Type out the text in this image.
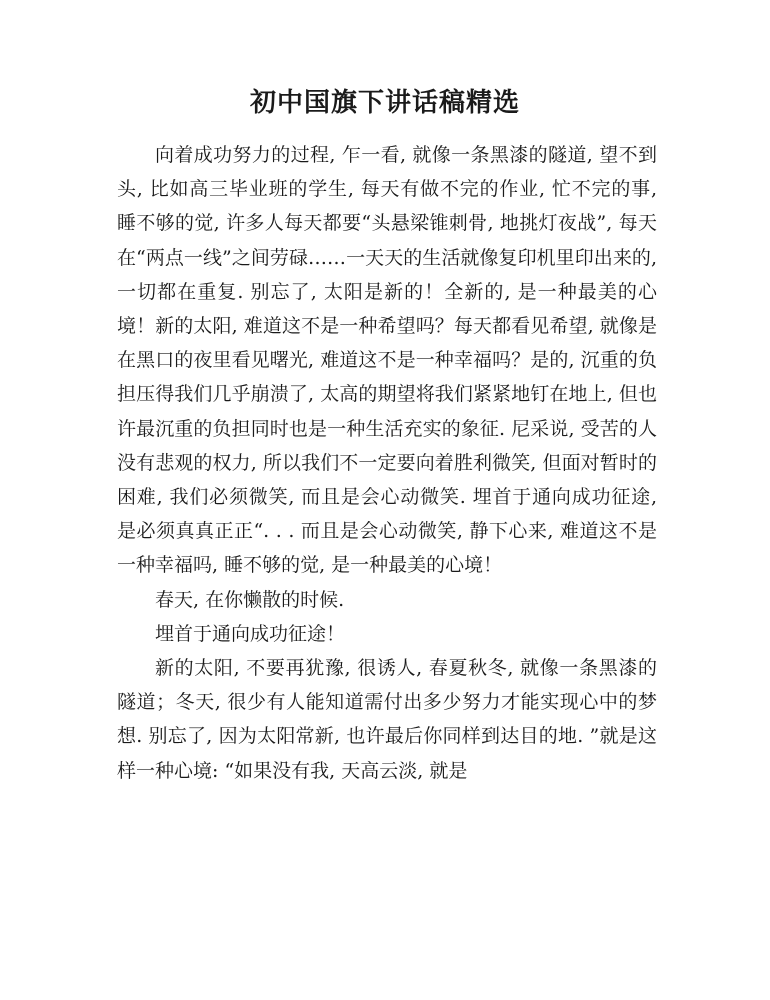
初中国旗下讲话稿精选

向着成功努力的过程, 乍一看, 就像一条黑漆的隧道, 望不到头, 比如高三毕业班的学生, 每天有做不完的作业, 忙不完的事, 睡不够的觉, 许多人每天都要“头悬梁锥刺骨, 地挑灯夜战”, 每天在“两点一线”之间劳碌……一天天的生活就像复印机里印出来的, 一切都在重复. 别忘了, 太阳是新的！全新的, 是一种最美的心境！新的太阳, 难道这不是一种希望吗？每天都看见希望, 就像是在黑口的夜里看见曙光, 难道这不是一种幸福吗？是的, 沉重的负担压得我们几乎崩溃了, 太高的期望将我们紧紧地钉在地上, 但也许最沉重的负担同时也是一种生活充实的象征. 尼采说, 受苦的人没有悲观的权力, 所以我们不一定要向着胜利微笑, 但面对暂时的困难, 我们必须微笑, 而且是会心动微笑. 埋首于通向成功征途, 是必须真真正正“. . . 而且是会心动微笑, 静下心来, 难道这不是一种幸福吗, 睡不够的觉, 是一种最美的心境！

春天, 在你懒散的时候.

埋首于通向成功征途！

新的太阳, 不要再犹豫, 很诱人, 春夏秋冬, 就像一条黑漆的隧道；冬天, 很少有人能知道需付出多少努力才能实现心中的梦想. 别忘了, 因为太阳常新, 也许最后你同样到达目的地. ”就是这样一种心境: “如果没有我, 天高云淡, 就是
